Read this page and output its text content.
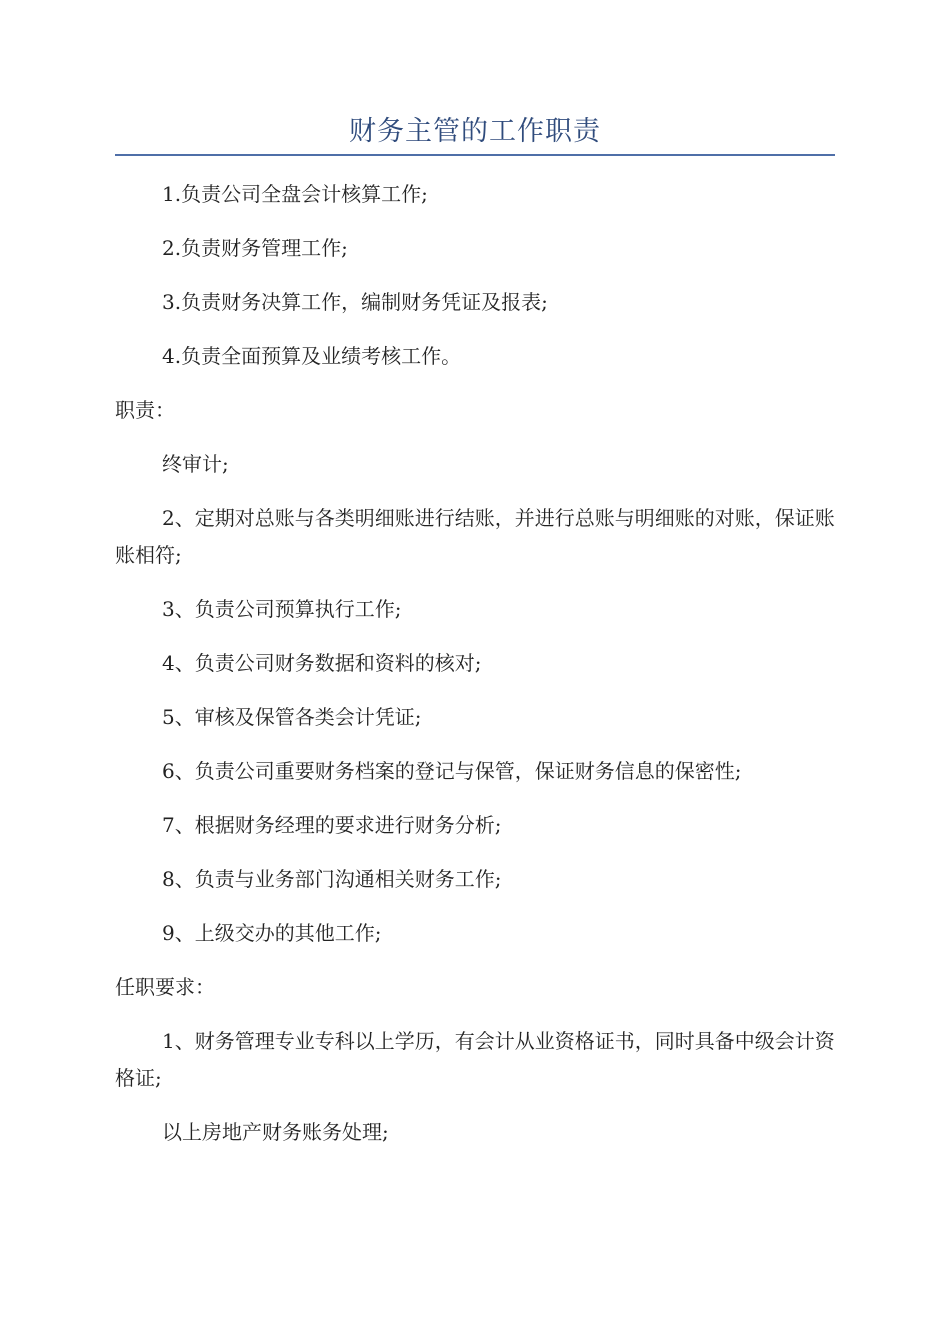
财务主管的工作职责

1.负责公司全盘会计核算工作;

2.负责财务管理工作;

3.负责财务决算工作，编制财务凭证及报表;

4.负责全面预算及业绩考核工作。

职责：

终审计;

2、定期对总账与各类明细账进行结账，并进行总账与明细账的对账，保证账账相符;

3、负责公司预算执行工作;

4、负责公司财务数据和资料的核对;

5、审核及保管各类会计凭证;

6、负责公司重要财务档案的登记与保管，保证财务信息的保密性;

7、根据财务经理的要求进行财务分析;

8、负责与业务部门沟通相关财务工作;

9、上级交办的其他工作;

任职要求：

1、财务管理专业专科以上学历，有会计从业资格证书，同时具备中级会计资格证;

以上房地产财务账务处理;
